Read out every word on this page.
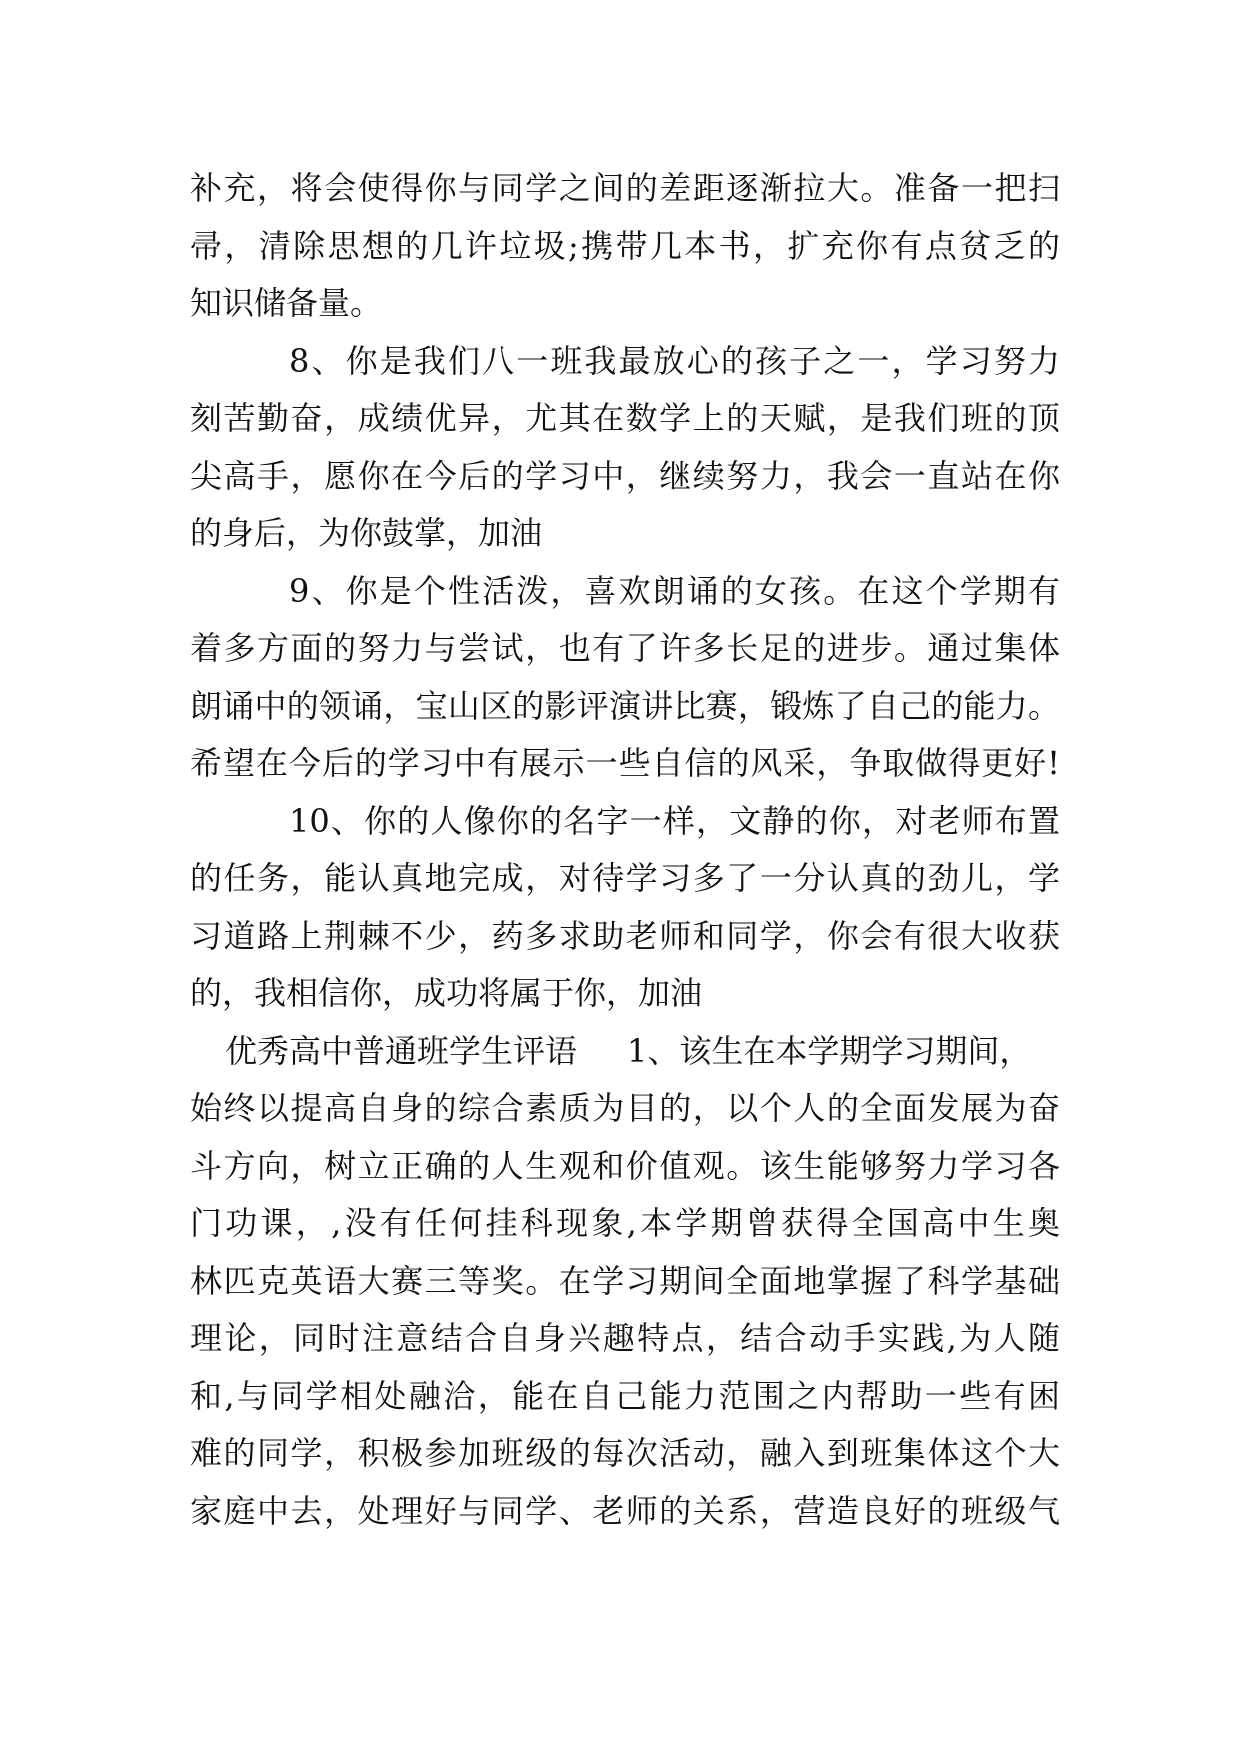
补充，将会使得你与同学之间的差距逐渐拉大。准备一把扫
帚，清除思想的几许垃圾;携带几本书，扩充你有点贫乏的
知识储备量。
8、你是我们八一班我最放心的孩子之一，学习努力
刻苦勤奋，成绩优异，尤其在数学上的天赋，是我们班的顶
尖高手，愿你在今后的学习中，继续努力，我会一直站在你
的身后，为你鼓掌，加油
9、你是个性活泼，喜欢朗诵的女孩。在这个学期有
着多方面的努力与尝试，也有了许多长足的进步。通过集体
朗诵中的领诵，宝山区的影评演讲比赛，锻炼了自己的能力。
希望在今后的学习中有展示一些自信的风采，争取做得更好!
10、你的人像你的名字一样，文静的你，对老师布置
的任务，能认真地完成，对待学习多了一分认真的劲儿，学
习道路上荆棘不少，药多求助老师和同学，你会有很大收获
的，我相信你，成功将属于你，加油
优秀高中普通班学生评语 1、该生在本学期学习期间，
始终以提高自身的综合素质为目的，以个人的全面发展为奋
斗方向，树立正确的人生观和价值观。该生能够努力学习各
门功课，,没有任何挂科现象,本学期曾获得全国高中生奥
林匹克英语大赛三等奖。在学习期间全面地掌握了科学基础
理论，同时注意结合自身兴趣特点，结合动手实践,为人随
和,与同学相处融洽，能在自己能力范围之内帮助一些有困
难的同学，积极参加班级的每次活动，融入到班集体这个大
家庭中去，处理好与同学、老师的关系，营造良好的班级气
